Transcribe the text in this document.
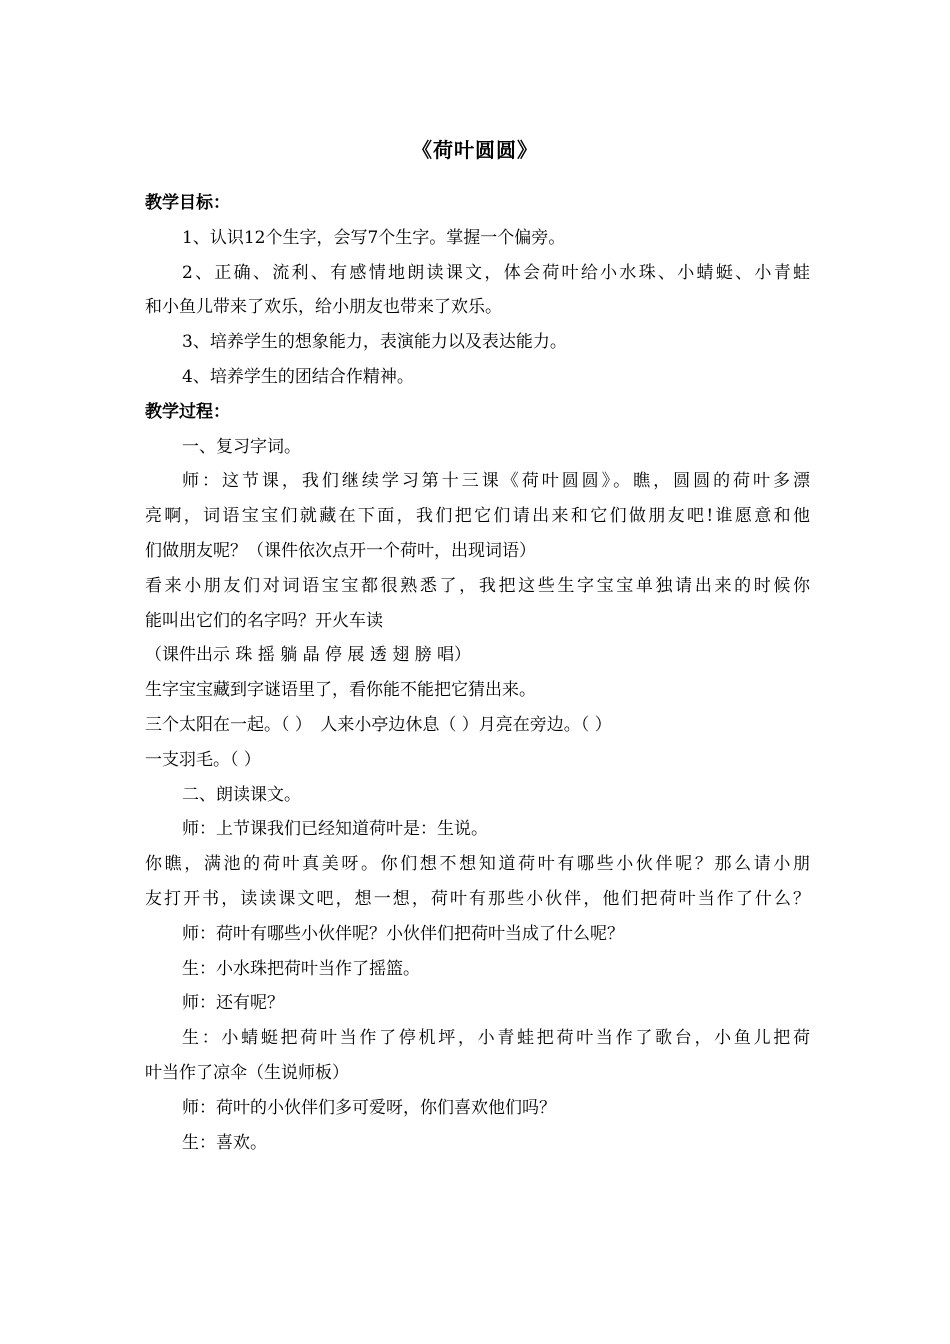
《荷叶圆圆》

教学目标：

1、认识12个生字，会写7个生字。掌握一个偏旁。

2、正确、流利、有感情地朗读课文，体会荷叶给小水珠、小蜻蜓、小青蛙

和小鱼儿带来了欢乐，给小朋友也带来了欢乐。

3、培养学生的想象能力，表演能力以及表达能力。

4、培养学生的团结合作精神。

教学过程：

一、复习字词。

师：这节课，我们继续学习第十三课《荷叶圆圆》。瞧，圆圆的荷叶多漂

亮啊，词语宝宝们就藏在下面，我们把它们请出来和它们做朋友吧!谁愿意和他

们做朋友呢？（课件依次点开一个荷叶，出现词语）

看来小朋友们对词语宝宝都很熟悉了，我把这些生字宝宝单独请出来的时候你

能叫出它们的名字吗？开火车读

（课件出示 珠 摇 躺 晶 停 展 透 翅 膀 唱）

生字宝宝藏到字谜语里了，看你能不能把它猜出来。

三个太阳在一起。（ ）　人来小亭边休息（ ）月亮在旁边。（ ）

一支羽毛。（ ）

二、朗读课文。

师：上节课我们已经知道荷叶是：生说。

你瞧，满池的荷叶真美呀。你们想不想知道荷叶有哪些小伙伴呢？那么请小朋

友打开书，读读课文吧，想一想，荷叶有那些小伙伴，他们把荷叶当作了什么？

师：荷叶有哪些小伙伴呢？小伙伴们把荷叶当成了什么呢？

生：小水珠把荷叶当作了摇篮。

师：还有呢？

生：小蜻蜓把荷叶当作了停机坪，小青蛙把荷叶当作了歌台，小鱼儿把荷

叶当作了凉伞（生说师板）

师：荷叶的小伙伴们多可爱呀，你们喜欢他们吗？

生：喜欢。
